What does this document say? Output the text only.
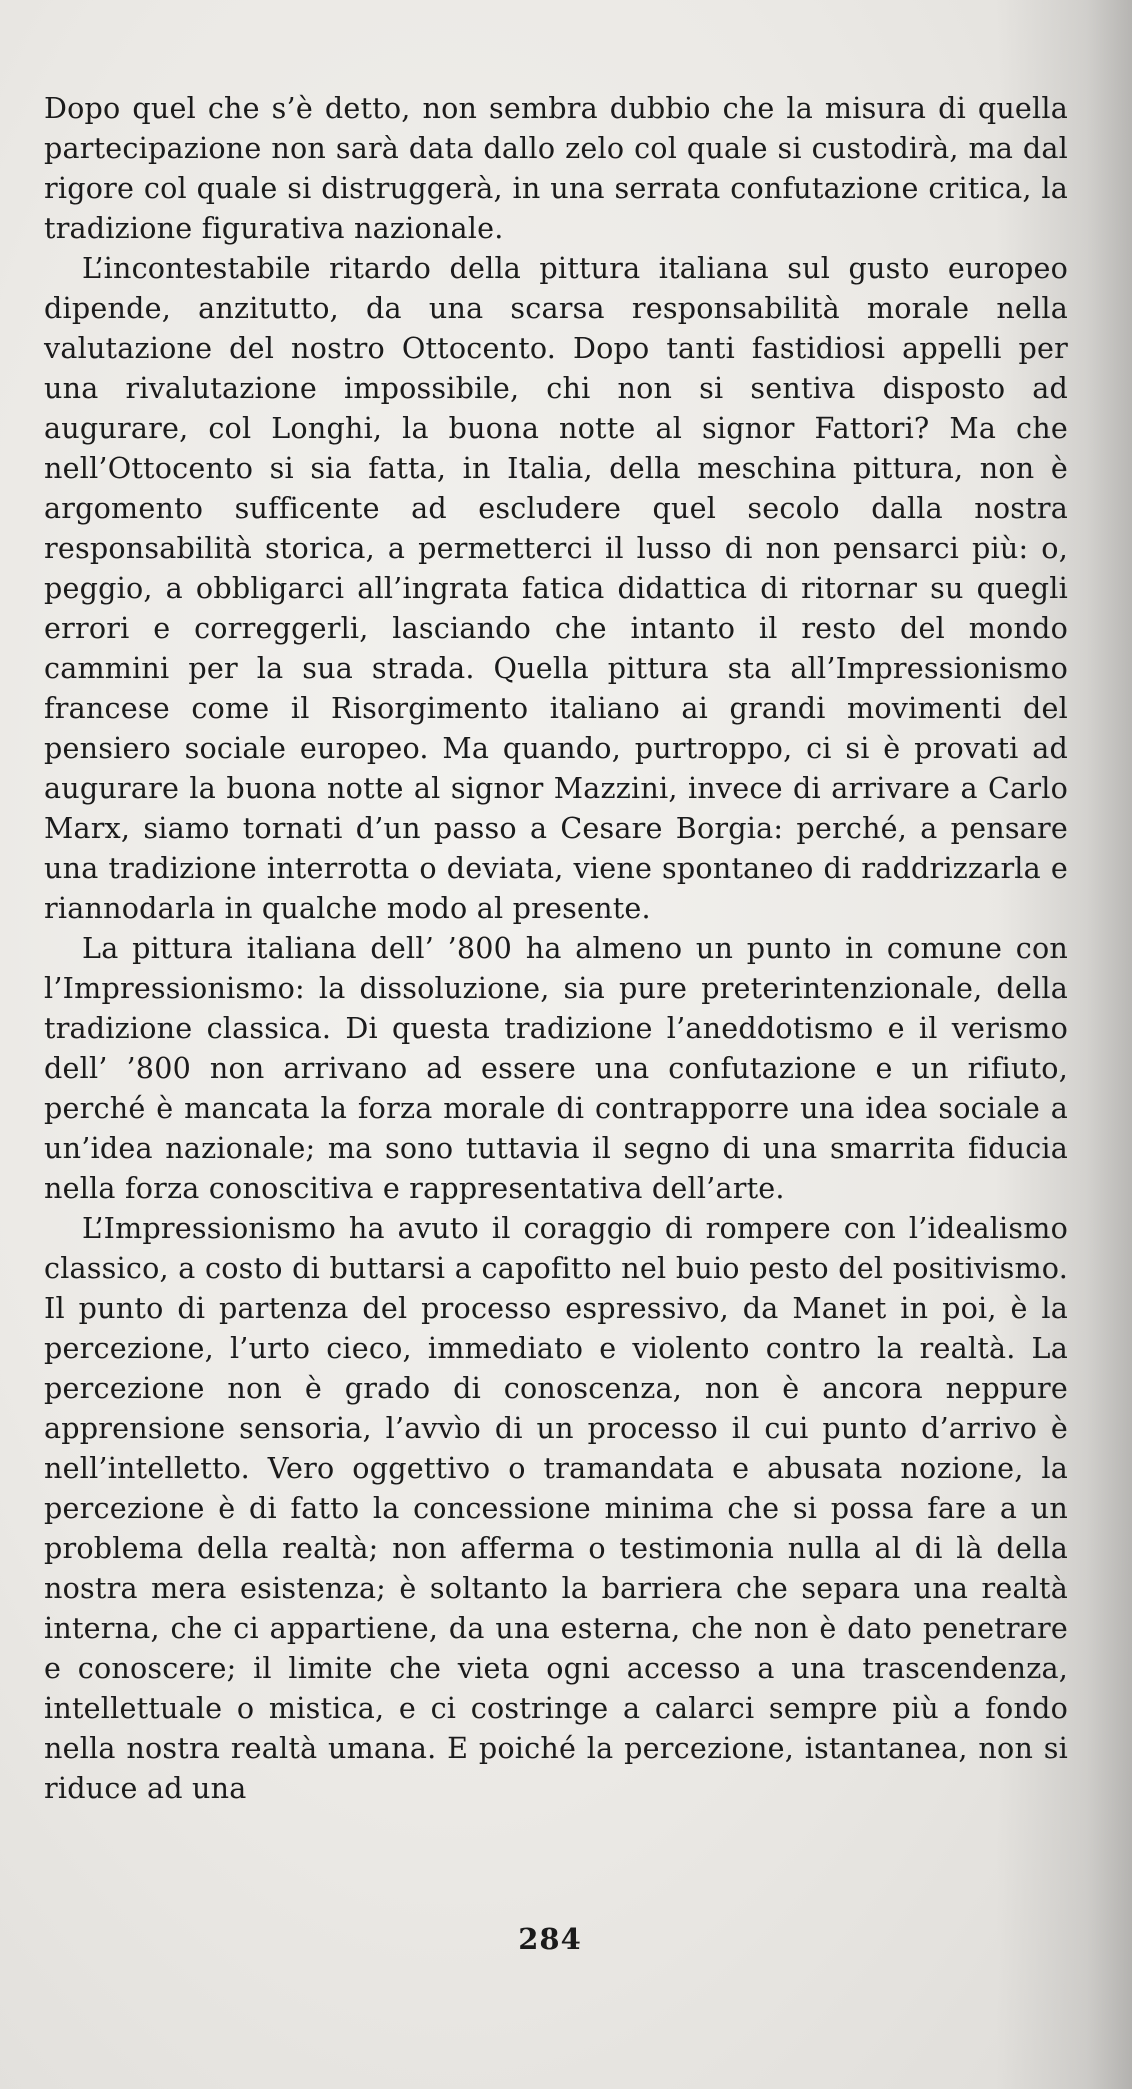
Dopo quel che s’è detto, non sembra dubbio che la misura di quella partecipazione non sarà data dallo zelo col quale si custodirà, ma dal rigore col quale si distruggerà, in una serrata confutazione critica, la tradizione figurativa nazionale.

L’incontestabile ritardo della pittura italiana sul gusto europeo dipende, anzitutto, da una scarsa responsabilità morale nella valutazione del nostro Ottocento. Dopo tanti fastidiosi appelli per una rivalutazione impossibile, chi non si sentiva disposto ad augurare, col Longhi, la buona notte al signor Fattori? Ma che nell’Ottocento si sia fatta, in Italia, della meschina pittura, non è argomento sufficente ad escludere quel secolo dalla nostra responsabilità storica, a permetterci il lusso di non pensarci più: o, peggio, a obbligarci all’ingrata fatica didattica di ritornar su quegli errori e correggerli, lasciando che intanto il resto del mondo cammini per la sua strada. Quella pittura sta all’Impressionismo francese come il Risorgimento italiano ai grandi movimenti del pensiero sociale europeo. Ma quando, purtroppo, ci si è provati ad augurare la buona notte al signor Mazzini, invece di arrivare a Carlo Marx, siamo tornati d’un passo a Cesare Borgia: perché, a pensare una tradizione interrotta o deviata, viene spontaneo di raddrizzarla e riannodarla in qualche modo al presente.

La pittura italiana dell’ ’800 ha almeno un punto in comune con l’Impressionismo: la dissoluzione, sia pure preterintenzionale, della tradizione classica. Di questa tradizione l’aneddotismo e il verismo dell’ ’800 non arrivano ad essere una confutazione e un rifiuto, perché è mancata la forza morale di contrapporre una idea sociale a un’idea nazionale; ma sono tuttavia il segno di una smarrita fiducia nella forza conoscitiva e rappresentativa dell’arte.

L’Impressionismo ha avuto il coraggio di rompere con l’idealismo classico, a costo di buttarsi a capofitto nel buio pesto del positivismo. Il punto di partenza del processo espressivo, da Manet in poi, è la percezione, l’urto cieco, immediato e violento contro la realtà. La percezione non è grado di conoscenza, non è ancora neppure apprensione sensoria, l’avvìo di un processo il cui punto d’arrivo è nell’intelletto. Vero oggettivo o tramandata e abusata nozione, la percezione è di fatto la concessione minima che si possa fare a un problema della realtà; non afferma o testimonia nulla al di là della nostra mera esistenza; è soltanto la barriera che separa una realtà interna, che ci appartiene, da una esterna, che non è dato penetrare e conoscere; il limite che vieta ogni accesso a una trascendenza, intellettuale o mistica, e ci costringe a calarci sempre più a fondo nella nostra realtà umana. E poiché la percezione, istantanea, non si riduce ad una

284
